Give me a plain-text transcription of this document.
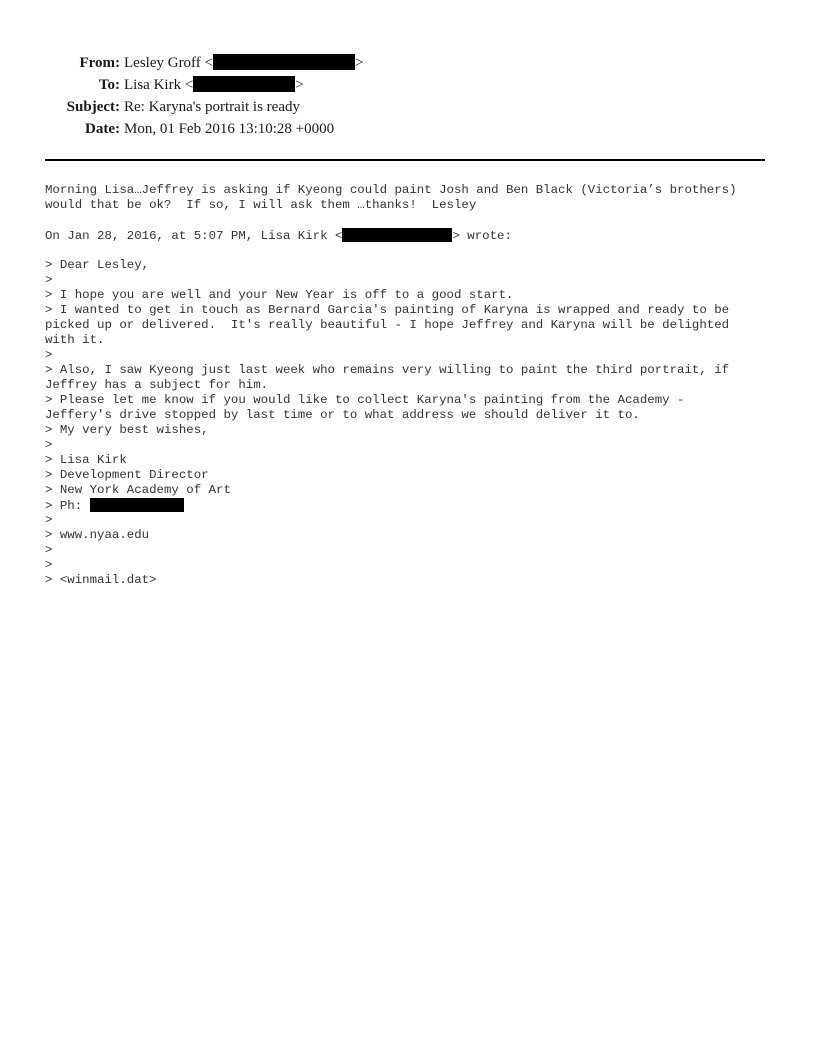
From: Lesley Groff <	>
To: Lisa Kirk <	>
Subject: Re: Karyna's portrait is ready
Date: Mon, 01 Feb 2016 13:10:28 +0000
Morning Lisa…Jeffrey is asking if Kyeong could paint Josh and Ben Black (Victoria’s brothers)
would that be ok?  If so, I will ask them …thanks!  Lesley
On Jan 28, 2016, at 5:07 PM, Lisa Kirk <	> wrote:
> Dear Lesley,
>
> I hope you are well and your New Year is off to a good start.
> I wanted to get in touch as Bernard Garcia's painting of Karyna is wrapped and ready to be
picked up or delivered.  It's really beautiful - I hope Jeffrey and Karyna will be delighted
with it.
>
> Also, I saw Kyeong just last week who remains very willing to paint the third portrait, if
Jeffrey has a subject for him.
> Please let me know if you would like to collect Karyna's painting from the Academy -
Jeffery's drive stopped by last time or to what address we should deliver it to.
> My very best wishes,
>
> Lisa Kirk
> Development Director
> New York Academy of Art
> Ph:
>
> www.nyaa.edu
>
>
> <winmail.dat>
